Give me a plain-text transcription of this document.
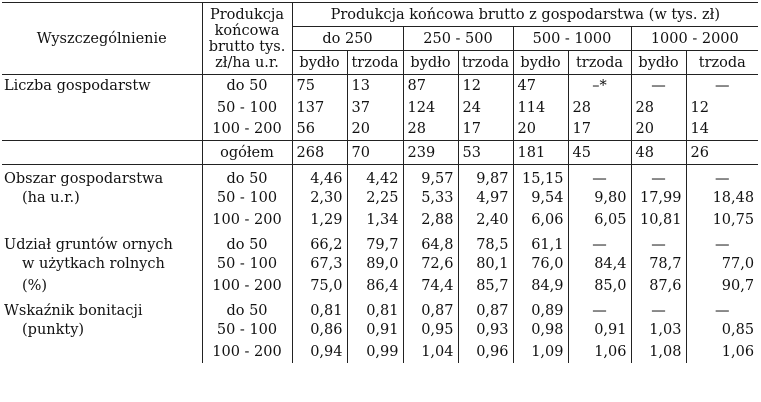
Wyszczególnienie	Produkcja
końcowa
brutto tys.
zł/ha u.r.	Produkcja końcowa brutto z gospodarstwa (w tys. zł)							
		do 250		250 - 500		500 - 1000		1000 - 2000	
		bydło	trzoda	bydło	trzoda	bydło	trzoda	bydło	trzoda
Liczba gospodarstw	do 50	75	13	87	12	47	–*	—	—
	50 - 100	137	37	124	24	114	28	28	12
	100 - 200	56	20	28	17	20	17	20	14
	ogółem	268	70	239	53	181	45	48	26
Obszar gospodarstwa	do 50	4,46	4,42	9,57	9,87	15,15	—	—	—
(ha u.r.)	50 - 100	2,30	2,25	5,33	4,97	9,54	9,80	17,99	18,48
	100 - 200	1,29	1,34	2,88	2,40	6,06	6,05	10,81	10,75
Udział gruntów ornych	do 50	66,2	79,7	64,8	78,5	61,1	—	—	—
w użytkach rolnych	50 - 100	67,3	89,0	72,6	80,1	76,0	84,4	78,7	77,0
(%)	100 - 200	75,0	86,4	74,4	85,7	84,9	85,0	87,6	90,7
Wskaźnik bonitacji	do 50	0,81	0,81	0,87	0,87	0,89	—	—	—
(punkty)	50 - 100	0,86	0,91	0,95	0,93	0,98	0,91	1,03	0,85
	100 - 200	0,94	0,99	1,04	0,96	1,09	1,06	1,08	1,06
